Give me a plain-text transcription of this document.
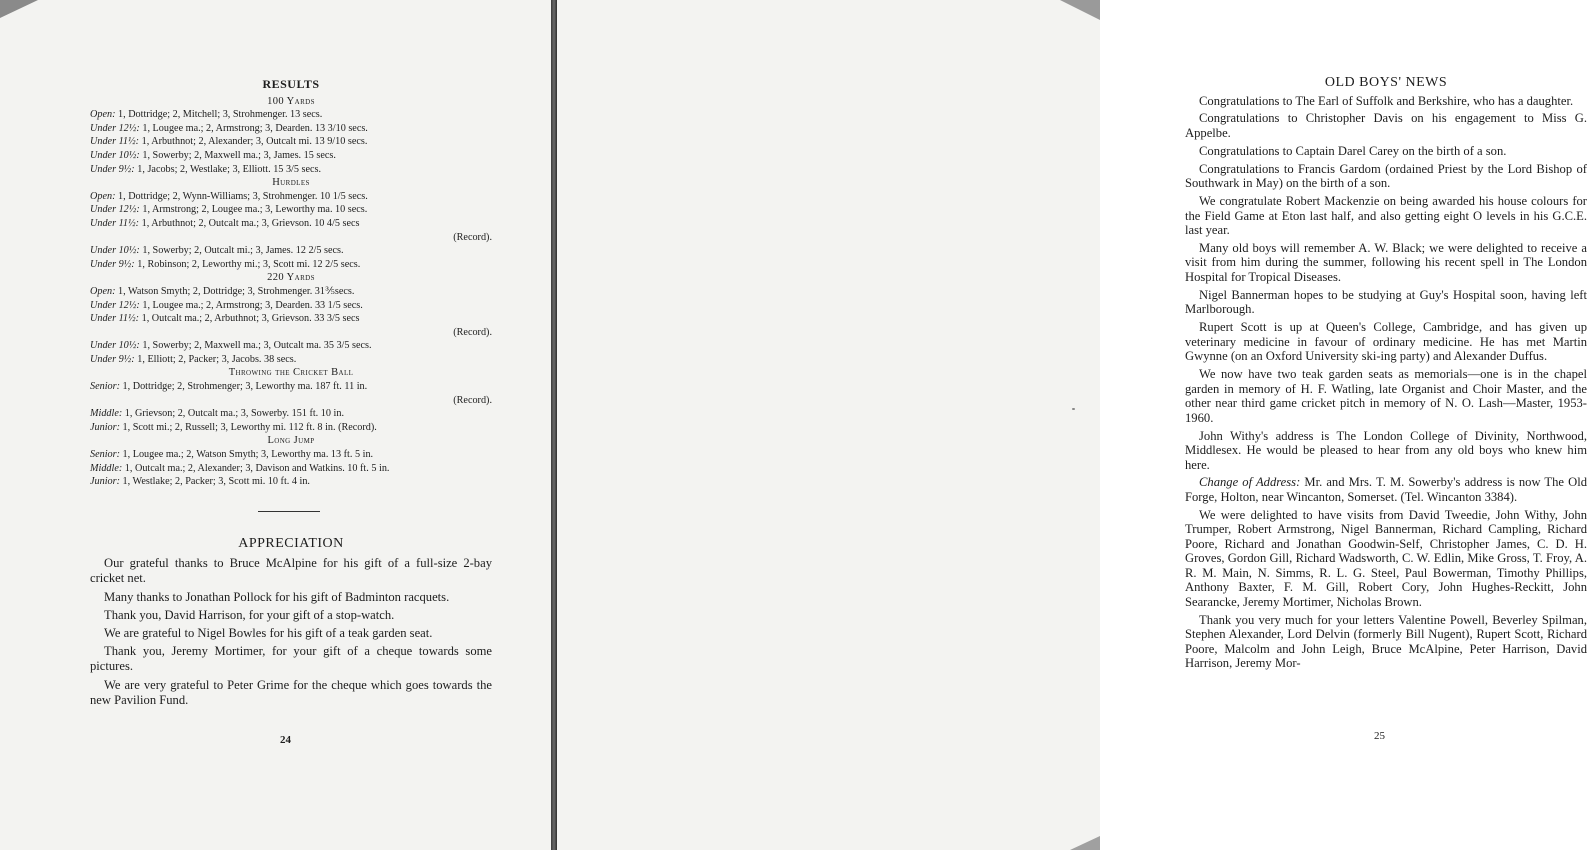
RESULTS
100 Yards
Open: 1, Dottridge; 2, Mitchell; 3, Strohmenger. 13 secs.
Under 12½: 1, Lougee ma.; 2, Armstrong; 3, Dearden. 13 3/10 secs.
Under 11½: 1, Arbuthnot; 2, Alexander; 3, Outcalt mi. 13 9/10 secs.
Under 10½: 1, Sowerby; 2, Maxwell ma.; 3, James. 15 secs.
Under 9½: 1, Jacobs; 2, Westlake; 3, Elliott. 15 3/5 secs.
Hurdles
Open: 1, Dottridge; 2, Wynn-Williams; 3, Strohmenger. 10 1/5 secs.
Under 12½: 1, Armstrong; 2, Lougee ma.; 3, Leworthy ma. 10 secs.
Under 11½: 1, Arbuthnot; 2, Outcalt ma.; 3, Grievson. 10 4/5 secs
(Record).
Under 10½: 1, Sowerby; 2, Outcalt mi.; 3, James. 12 2/5 secs.
Under 9½: 1, Robinson; 2, Leworthy mi.; 3, Scott mi. 12 2/5 secs.
220 Yards
Open: 1, Watson Smyth; 2, Dottridge; 3, Strohmenger. 31⅗secs.
Under 12½: 1, Lougee ma.; 2, Armstrong; 3, Dearden. 33 1/5 secs.
Under 11½: 1, Outcalt ma.; 2, Arbuthnot; 3, Grievson. 33 3/5 secs
(Record).
Under 10½: 1, Sowerby; 2, Maxwell ma.; 3, Outcalt ma. 35 3/5 secs.
Under 9½: 1, Elliott; 2, Packer; 3, Jacobs. 38 secs.
Throwing the Cricket Ball
Senior: 1, Dottridge; 2, Strohmenger; 3, Leworthy ma. 187 ft. 11 in.
(Record).
Middle: 1, Grievson; 2, Outcalt ma.; 3, Sowerby. 151 ft. 10 in.
Junior: 1, Scott mi.; 2, Russell; 3, Leworthy mi. 112 ft. 8 in. (Record).
Long Jump
Senior: 1, Lougee ma.; 2, Watson Smyth; 3, Leworthy ma. 13 ft. 5 in.
Middle: 1, Outcalt ma.; 2, Alexander; 3, Davison and Watkins. 10 ft. 5 in.
Junior: 1, Westlake; 2, Packer; 3, Scott mi. 10 ft. 4 in.
APPRECIATION

Our grateful thanks to Bruce McAlpine for his gift of a full-size 2-bay cricket net.

Many thanks to Jonathan Pollock for his gift of Badminton racquets.

Thank you, David Harrison, for your gift of a stop-watch.

We are grateful to Nigel Bowles for his gift of a teak garden seat.

Thank you, Jeremy Mortimer, for your gift of a cheque towards some pictures.

We are very grateful to Peter Grime for the cheque which goes towards the new Pavilion Fund.

24
OLD BOYS' NEWS

Congratulations to The Earl of Suffolk and Berkshire, who has a daughter.

Congratulations to Christopher Davis on his engagement to Miss G. Appelbe.

Congratulations to Captain Darel Carey on the birth of a son.

Congratulations to Francis Gardom (ordained Priest by the Lord Bishop of Southwark in May) on the birth of a son.

We congratulate Robert Mackenzie on being awarded his house colours for the Field Game at Eton last half, and also getting eight O levels in his G.C.E. last year.

Many old boys will remember A. W. Black; we were delighted to receive a visit from him during the summer, following his recent spell in The London Hospital for Tropical Diseases.

Nigel Bannerman hopes to be studying at Guy's Hospital soon, having left Marlborough.

Rupert Scott is up at Queen's College, Cambridge, and has given up veterinary medicine in favour of ordinary medicine. He has met Martin Gwynne (on an Oxford University ski-ing party) and Alexander Duffus.

We now have two teak garden seats as memorials—one is in the chapel garden in memory of H. F. Watling, late Organist and Choir Master, and the other near third game cricket pitch in memory of N. O. Lash—Master, 1953-1960.

John Withy's address is The London College of Divinity, Northwood, Middlesex. He would be pleased to hear from any old boys who knew him here.

Change of Address: Mr. and Mrs. T. M. Sowerby's address is now The Old Forge, Holton, near Wincanton, Somerset. (Tel. Wincanton 3384).

We were delighted to have visits from David Tweedie, John Withy, John Trumper, Robert Armstrong, Nigel Bannerman, Richard Campling, Richard Poore, Richard and Jonathan Goodwin-Self, Christopher James, C. D. H. Groves, Gordon Gill, Richard Wadsworth, C. W. Edlin, Mike Gross, T. Froy, A. R. M. Main, N. Simms, R. L. G. Steel, Paul Bowerman, Timothy Phillips, Anthony Baxter, F. M. Gill, Robert Cory, John Hughes-Reckitt, John Searancke, Jeremy Mortimer, Nicholas Brown.

Thank you very much for your letters Valentine Powell, Beverley Spilman, Stephen Alexander, Lord Delvin (formerly Bill Nugent), Rupert Scott, Richard Poore, Malcolm and John Leigh, Bruce McAlpine, Peter Harrison, David Harrison, Jeremy Mor-

25
